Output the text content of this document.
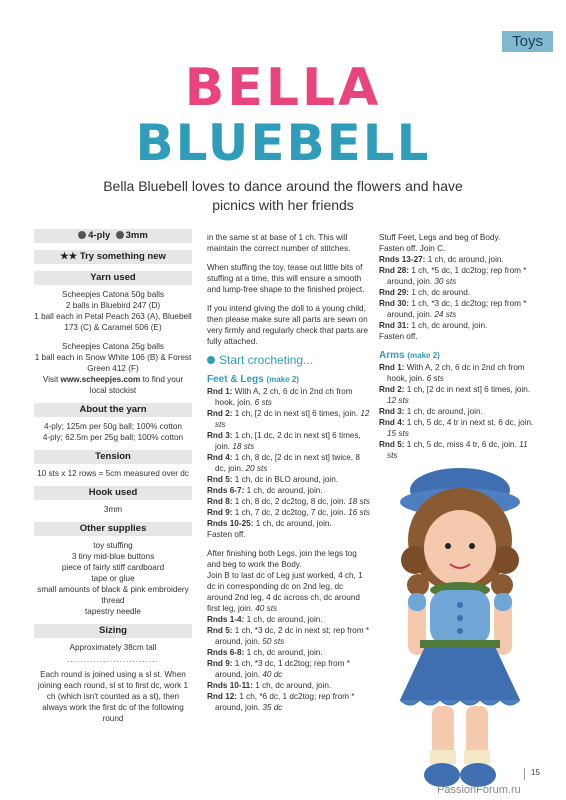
Toys
BELLA
BLUEBELL
Bella Bluebell loves to dance around the flowers and have picnics with her friends
4-ply 3mm
★★ Try something new
Yarn used
Scheepjes Catona 50g balls
2 balls in Bluebird 247 (D)
1 ball each in Petal Peach 263 (A), Bluebell 173 (C) & Caramel 506 (E)
Scheepjes Catona 25g balls
1 ball each in Snow White 106 (B) & Forest Green 412 (F)
Visit www.scheepjes.com to find your local stockist
About the yarn
4-ply; 125m per 50g ball; 100% cotton
4-ply; 62.5m per 25g ball; 100% cotton
Tension
10 sts x 12 rows = 5cm measured over dc
Hook used
3mm
Other supplies
toy stuffing
3 tiny mid-blue buttons
piece of fairly stiff cardboard
tape or glue
small amounts of black & pink embroidery thread
tapestry needle
Sizing
Approximately 38cm tall
............................
Each round is joined using a sl st. When joining each round, sl st to first dc, work 1 ch (which isn't counted as a st), then always work the first dc of the following round
in the same st at base of 1 ch. This will maintain the correct number of stitches.
When stuffing the toy, tease out little bits of stuffing at a time, this will ensure a smooth and lump-free shape to the finished project.
If you intend giving the doll to a young child, then please make sure all parts are sewn on very firmly and regularly check that parts are fully attached.
Start crocheting...
Feet & Legs (make 2)
Rnd 1: With A, 2 ch, 6 dc in 2nd ch from hook, join. 6 sts
Rnd 2: 1 ch, [2 dc in next st] 6 times, join. 12 sts
Rnd 3: 1 ch, [1 dc, 2 dc in next st] 6 times, join. 18 sts
Rnd 4: 1 ch, 8 dc, [2 dc in next st] twice, 8 dc, join. 20 sts
Rnd 5: 1 ch, dc in BLO around, join.
Rnds 6-7: 1 ch, dc around, join.
Rnd 8: 1 ch, 8 dc, 2 dc2tog, 8 dc, join. 18 sts
Rnd 9: 1 ch, 7 dc, 2 dc2tog, 7 dc, join. 16 sts
Rnds 10-25: 1 ch, dc around, join.
Fasten off.
After finishing both Legs, join the legs tog and beg to work the Body.
Join B to last dc of Leg just worked, 4 ch, 1 dc in corresponding dc on 2nd leg, dc around 2nd leg, 4 dc across ch, dc around first leg, join. 40 sts
Rnds 1-4: 1 ch, dc around, join.
Rnd 5: 1 ch, *3 dc, 2 dc in next st; rep from * around, join. 50 sts
Rnds 6-8: 1 ch, dc around, join.
Rnd 9: 1 ch, *3 dc, 1 dc2tog; rep from * around, join. 40 dc
Rnds 10-11: 1 ch, dc around, join.
Rnd 12: 1 ch, *6 dc, 1 dc2tog; rep from * around, join. 35 dc
Stuff Feet, Legs and beg of Body.
Fasten off. Join C.
Rnds 13-27: 1 ch, dc around, join.
Rnd 28: 1 ch, *5 dc, 1 dc2tog; rep from * around, join. 30 sts
Rnd 29: 1 ch, dc around.
Rnd 30: 1 ch, *3 dc, 1 dc2tog; rep from * around, join. 24 sts
Rnd 31: 1 ch, dc around, join.
Fasten off.
Arms (make 2)
Rnd 1: With A, 2 ch, 6 dc in 2nd ch from hook, join. 6 sts
Rnd 2: 1 ch, [2 dc in next st] 6 times, join. 12 sts
Rnd 3: 1 ch, dc around, join.
Rnd 4: 1 ch, 5 dc, 4 tr in next st, 6 dc, join. 15 sts
Rnd 5: 1 ch, 5 dc, miss 4 tr, 6 dc, join. 11 sts
15
PassionForum.ru
